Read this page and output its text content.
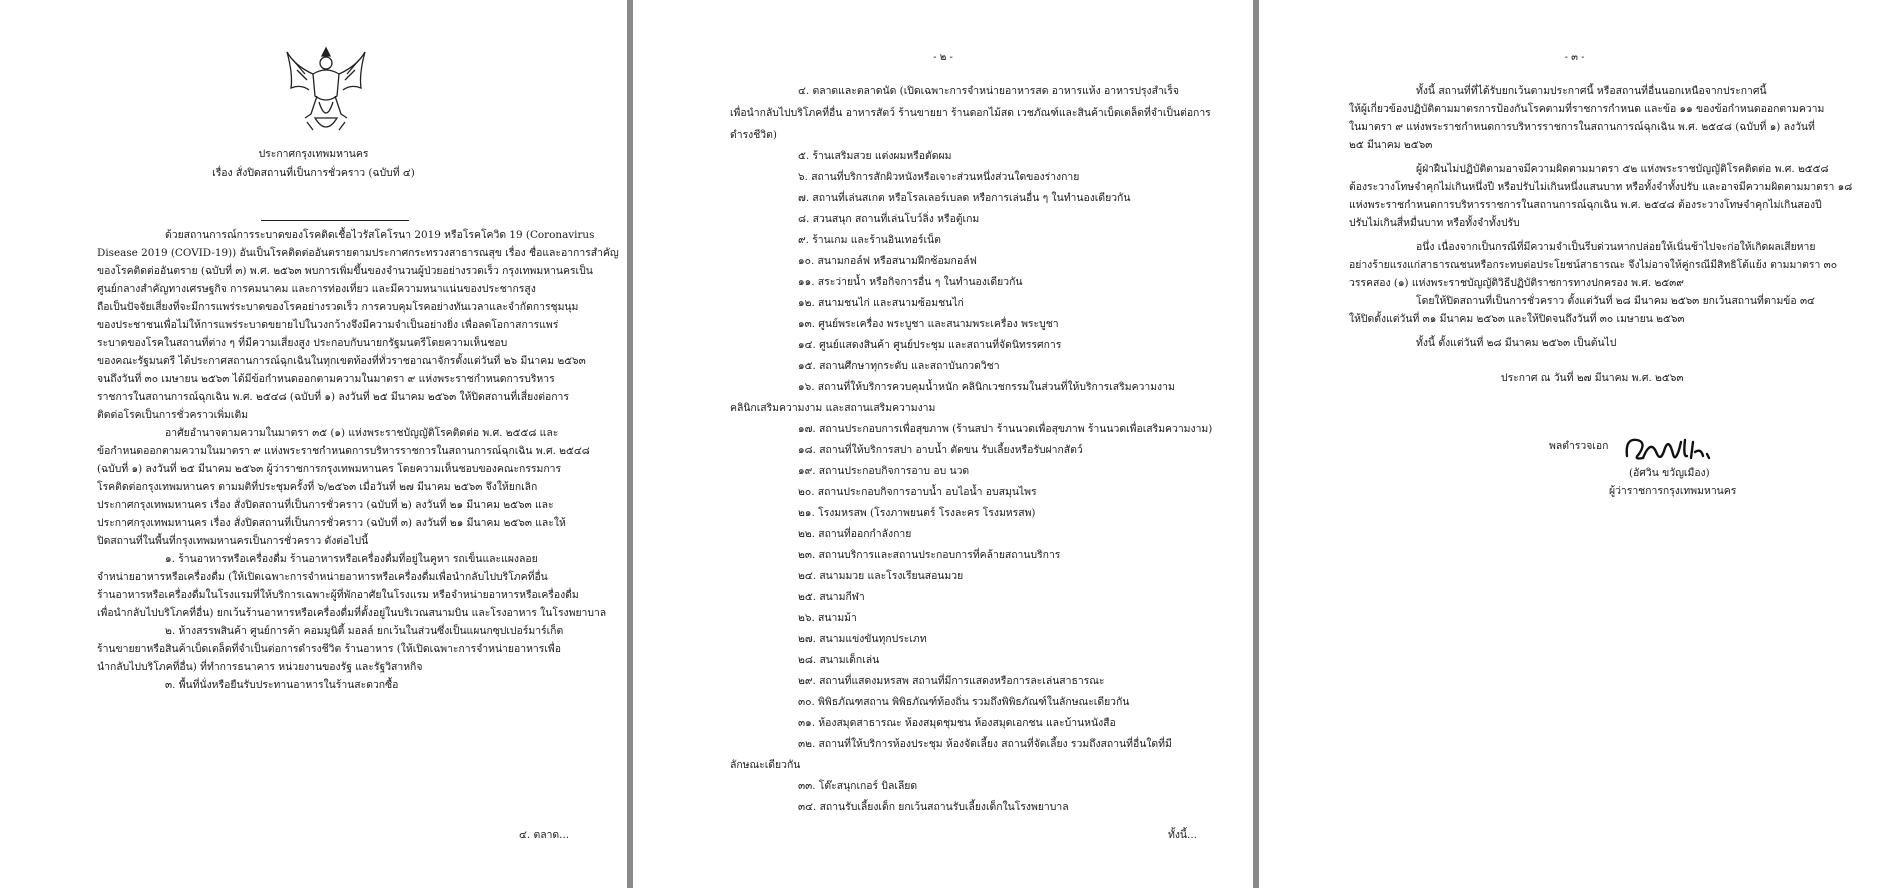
ประกาศกรุงเทพมหานคร
เรื่อง สั่งปิดสถานที่เป็นการชั่วคราว (ฉบับที่ ๔)
ด้วยสถานการณ์การระบาดของโรคติดเชื้อไวรัสโคโรนา 2019 หรือโรคโควิด 19 (Coronavirus
Disease 2019 (COVID-19)) อันเป็นโรคติดต่ออันตรายตามประกาศกระทรวงสาธารณสุข เรื่อง ชื่อและอาการสำคัญ
ของโรคติดต่ออันตราย (ฉบับที่ ๓) พ.ศ. ๒๕๖๓ พบการเพิ่มขึ้นของจำนวนผู้ป่วยอย่างรวดเร็ว กรุงเทพมหานครเป็น
ศูนย์กลางสำคัญทางเศรษฐกิจ การคมนาคม และการท่องเที่ยว และมีความหนาแน่นของประชากรสูง
ถือเป็นปัจจัยเสี่ยงที่จะมีการแพร่ระบาดของโรคอย่างรวดเร็ว การควบคุมโรคอย่างทันเวลาและจำกัดการชุมนุม
ของประชาชนเพื่อไม่ให้การแพร่ระบาดขยายไปในวงกว้างจึงมีความจำเป็นอย่างยิ่ง เพื่อลดโอกาสการแพร่
ระบาดของโรคในสถานที่ต่าง ๆ ที่มีความเสี่ยงสูง ประกอบกับนายกรัฐมนตรีโดยความเห็นชอบ
ของคณะรัฐมนตรี ได้ประกาศสถานการณ์ฉุกเฉินในทุกเขตท้องที่ทั่วราชอาณาจักรตั้งแต่วันที่ ๒๖ มีนาคม ๒๕๖๓
จนถึงวันที่ ๓๐ เมษายน ๒๕๖๓ ได้มีข้อกำหนดออกตามความในมาตรา ๙ แห่งพระราชกำหนดการบริหาร
ราชการในสถานการณ์ฉุกเฉิน พ.ศ. ๒๕๔๘ (ฉบับที่ ๑) ลงวันที่ ๒๕ มีนาคม ๒๕๖๓ ให้ปิดสถานที่เสี่ยงต่อการ
ติดต่อโรคเป็นการชั่วคราวเพิ่มเติม
อาศัยอำนาจตามความในมาตรา ๓๕ (๑) แห่งพระราชบัญญัติโรคติดต่อ พ.ศ. ๒๕๕๘ และ
ข้อกำหนดออกตามความในมาตรา ๙ แห่งพระราชกำหนดการบริหารราชการในสถานการณ์ฉุกเฉิน พ.ศ. ๒๕๔๘
(ฉบับที่ ๑) ลงวันที่ ๒๕ มีนาคม ๒๕๖๓ ผู้ว่าราชการกรุงเทพมหานคร โดยความเห็นชอบของคณะกรรมการ
โรคติดต่อกรุงเทพมหานคร ตามมติที่ประชุมครั้งที่ ๖/๒๕๖๓ เมื่อวันที่ ๒๗ มีนาคม ๒๕๖๓ จึงให้ยกเลิก
ประกาศกรุงเทพมหานคร เรื่อง สั่งปิดสถานที่เป็นการชั่วคราว (ฉบับที่ ๒) ลงวันที่ ๒๑ มีนาคม ๒๕๖๓ และ
ประกาศกรุงเทพมหานคร เรื่อง สั่งปิดสถานที่เป็นการชั่วคราว (ฉบับที่ ๓) ลงวันที่ ๒๑ มีนาคม ๒๕๖๓ และให้
ปิดสถานที่ในพื้นที่กรุงเทพมหานครเป็นการชั่วคราว ดังต่อไปนี้
๑. ร้านอาหารหรือเครื่องดื่ม ร้านอาหารหรือเครื่องดื่มที่อยู่ในคูหา รถเข็นและแผงลอย
จำหน่ายอาหารหรือเครื่องดื่ม (ให้เปิดเฉพาะการจำหน่ายอาหารหรือเครื่องดื่มเพื่อนำกลับไปบริโภคที่อื่น
ร้านอาหารหรือเครื่องดื่มในโรงแรมที่ให้บริการเฉพาะผู้ที่พักอาศัยในโรงแรม หรือจำหน่ายอาหารหรือเครื่องดื่ม
เพื่อนำกลับไปบริโภคที่อื่น) ยกเว้นร้านอาหารหรือเครื่องดื่มที่ตั้งอยู่ในบริเวณสนามบิน และโรงอาหาร ในโรงพยาบาล
๒. ห้างสรรพสินค้า ศูนย์การค้า คอมมูนิตี้ มอลล์ ยกเว้นในส่วนซึ่งเป็นแผนกซุปเปอร์มาร์เก็ต
ร้านขายยาหรือสินค้าเบ็ดเตล็ดที่จำเป็นต่อการดำรงชีวิต ร้านอาหาร (ให้เปิดเฉพาะการจำหน่ายอาหารเพื่อ
นำกลับไปบริโภคที่อื่น) ที่ทำการธนาคาร หน่วยงานของรัฐ และรัฐวิสาหกิจ
๓. พื้นที่นั่งหรือยืนรับประทานอาหารในร้านสะดวกซื้อ
๔. ตลาด...
- ๒ -
๔. ตลาดและตลาดนัด (เปิดเฉพาะการจำหน่ายอาหารสด อาหารแห้ง อาหารปรุงสำเร็จ
เพื่อนำกลับไปบริโภคที่อื่น อาหารสัตว์ ร้านขายยา ร้านดอกไม้สด เวชภัณฑ์และสินค้าเบ็ดเตล็ดที่จำเป็นต่อการ
ดำรงชีวิต)
๕. ร้านเสริมสวย แต่งผมหรือตัดผม
๖. สถานที่บริการสักผิวหนังหรือเจาะส่วนหนึ่งส่วนใดของร่างกาย
๗. สถานที่เล่นสเกต หรือโรลเลอร์เบลด หรือการเล่นอื่น ๆ ในทำนองเดียวกัน
๘. สวนสนุก สถานที่เล่นโบว์ลิ่ง หรือตู้เกม
๙. ร้านเกม และร้านอินเทอร์เน็ต
๑๐. สนามกอล์ฟ หรือสนามฝึกซ้อมกอล์ฟ
๑๑. สระว่ายน้ำ หรือกิจการอื่น ๆ ในทำนองเดียวกัน
๑๒. สนามชนไก่ และสนามซ้อมชนไก่
๑๓. ศูนย์พระเครื่อง พระบูชา และสนามพระเครื่อง พระบูชา
๑๔. ศูนย์แสดงสินค้า ศูนย์ประชุม และสถานที่จัดนิทรรศการ
๑๕. สถานศึกษาทุกระดับ และสถาบันกวดวิชา
๑๖. สถานที่ให้บริการควบคุมน้ำหนัก คลินิกเวชกรรมในส่วนที่ให้บริการเสริมความงาม
คลินิกเสริมความงาม และสถานเสริมความงาม
๑๗. สถานประกอบการเพื่อสุขภาพ (ร้านสปา ร้านนวดเพื่อสุขภาพ ร้านนวดเพื่อเสริมความงาม)
๑๘. สถานที่ให้บริการสปา อาบน้ำ ตัดขน รับเลี้ยงหรือรับฝากสัตว์
๑๙. สถานประกอบกิจการอาบ อบ นวด
๒๐. สถานประกอบกิจการอาบน้ำ อบไอน้ำ อบสมุนไพร
๒๑. โรงมหรสพ (โรงภาพยนตร์ โรงละคร โรงมหรสพ)
๒๒. สถานที่ออกกำลังกาย
๒๓. สถานบริการและสถานประกอบการที่คล้ายสถานบริการ
๒๔. สนามมวย และโรงเรียนสอนมวย
๒๕. สนามกีฬา
๒๖. สนามม้า
๒๗. สนามแข่งขันทุกประเภท
๒๘. สนามเด็กเล่น
๒๙. สถานที่แสดงมหรสพ สถานที่มีการแสดงหรือการละเล่นสาธารณะ
๓๐. พิพิธภัณฑสถาน พิพิธภัณฑ์ท้องถิ่น รวมถึงพิพิธภัณฑ์ในลักษณะเดียวกัน
๓๑. ห้องสมุดสาธารณะ ห้องสมุดชุมชน ห้องสมุดเอกชน และบ้านหนังสือ
๓๒. สถานที่ให้บริการห้องประชุม ห้องจัดเลี้ยง สถานที่จัดเลี้ยง รวมถึงสถานที่อื่นใดที่มี
ลักษณะเดียวกัน
๓๓. โต๊ะสนุกเกอร์ บิลเลียด
๓๔. สถานรับเลี้ยงเด็ก ยกเว้นสถานรับเลี้ยงเด็กในโรงพยาบาล
ทั้งนี้...
- ๓ -
ทั้งนี้ สถานที่ที่ได้รับยกเว้นตามประกาศนี้ หรือสถานที่อื่นนอกเหนือจากประกาศนี้
ให้ผู้เกี่ยวข้องปฏิบัติตามมาตรการป้องกันโรคตามที่ราชการกำหนด และข้อ ๑๑ ของข้อกำหนดออกตามความ
ในมาตรา ๙ แห่งพระราชกำหนดการบริหารราชการในสถานการณ์ฉุกเฉิน พ.ศ. ๒๕๔๘ (ฉบับที่ ๑) ลงวันที่
๒๕ มีนาคม ๒๕๖๓
ผู้ฝ่าฝืนไม่ปฏิบัติตามอาจมีความผิดตามมาตรา ๕๒ แห่งพระราชบัญญัติโรคติดต่อ พ.ศ. ๒๕๕๘
ต้องระวางโทษจำคุกไม่เกินหนึ่งปี หรือปรับไม่เกินหนึ่งแสนบาท หรือทั้งจำทั้งปรับ และอาจมีความผิดตามมาตรา ๑๘
แห่งพระราชกำหนดการบริหารราชการในสถานการณ์ฉุกเฉิน พ.ศ. ๒๕๔๘ ต้องระวางโทษจำคุกไม่เกินสองปี
ปรับไม่เกินสี่หมื่นบาท หรือทั้งจำทั้งปรับ
อนึ่ง เนื่องจากเป็นกรณีที่มีความจำเป็นรีบด่วนหากปล่อยให้เนิ่นช้าไปจะก่อให้เกิดผลเสียหาย
อย่างร้ายแรงแก่สาธารณชนหรือกระทบต่อประโยชน์สาธารณะ จึงไม่อาจให้คู่กรณีมีสิทธิโต้แย้ง ตามมาตรา ๓๐
วรรคสอง (๑) แห่งพระราชบัญญัติวิธีปฏิบัติราชการทางปกครอง พ.ศ. ๒๕๓๙
โดยให้ปิดสถานที่เป็นการชั่วคราว ตั้งแต่วันที่ ๒๘ มีนาคม ๒๕๖๓ ยกเว้นสถานที่ตามข้อ ๓๔
ให้ปิดตั้งแต่วันที่ ๓๑ มีนาคม ๒๕๖๓ และให้ปิดจนถึงวันที่ ๓๐ เมษายน ๒๕๖๓
ทั้งนี้ ตั้งแต่วันที่ ๒๘ มีนาคม ๒๕๖๓ เป็นต้นไป
ประกาศ ณ วันที่ ๒๗ มีนาคม พ.ศ. ๒๕๖๓
พลตำรวจเอก
(อัศวิน ขวัญเมือง)
ผู้ว่าราชการกรุงเทพมหานคร
